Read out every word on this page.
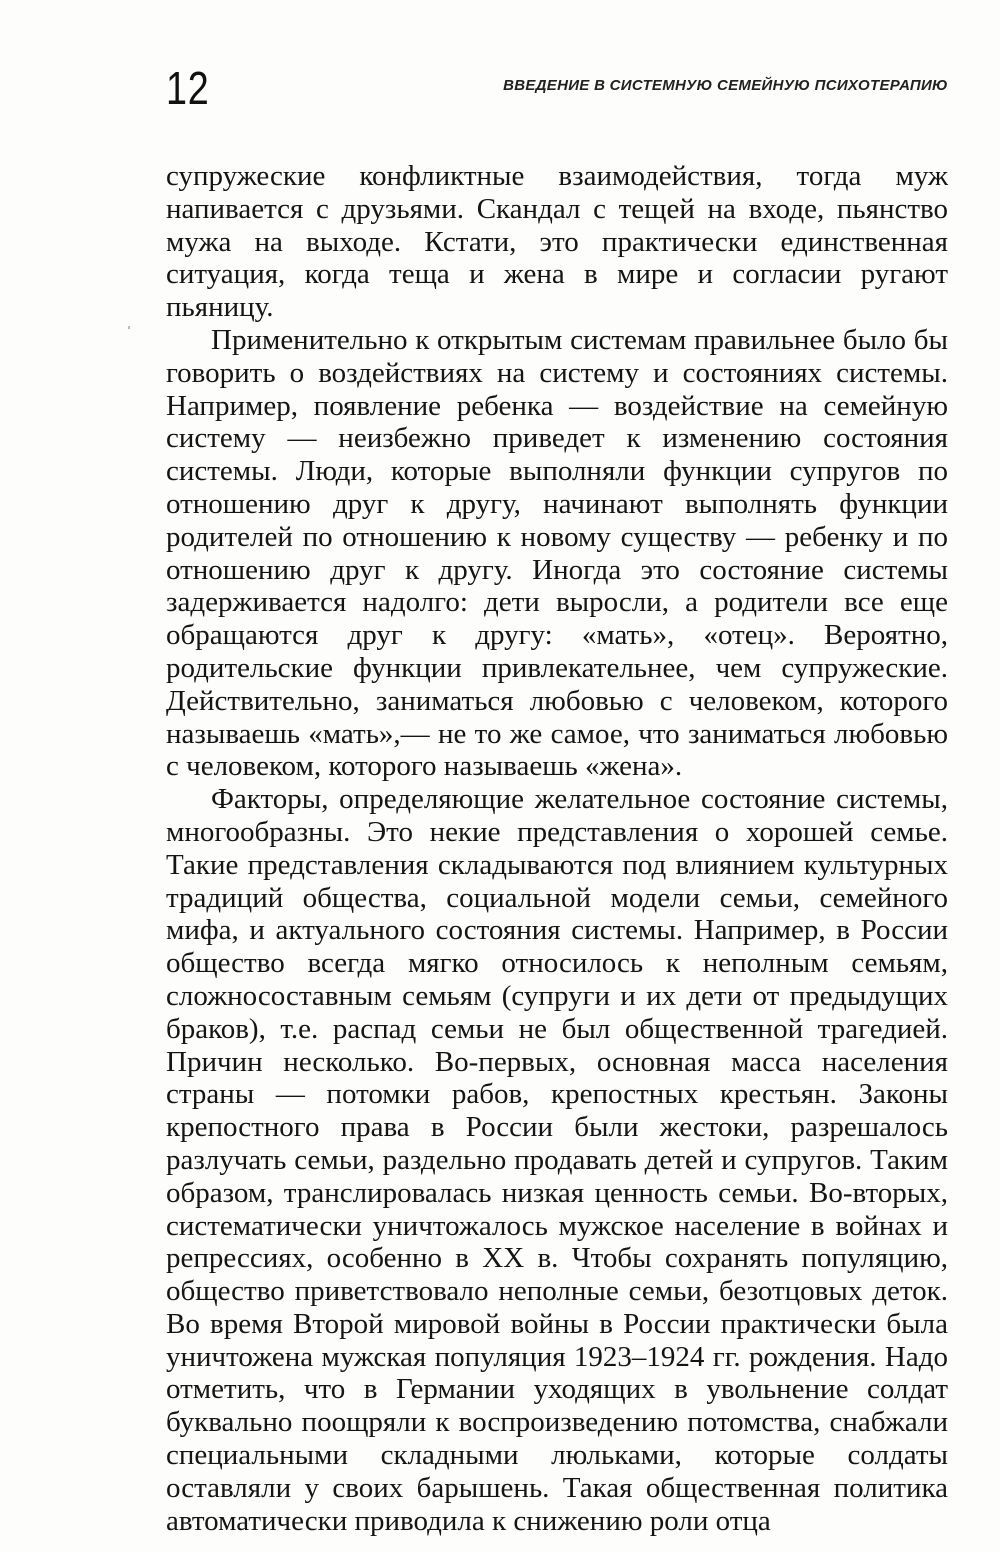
12	ВВЕДЕНИЕ В СИСТЕМНУЮ СЕМЕЙНУЮ ПСИХОТЕРАПИЮ

супружеские конфликтные взаимодействия, тогда муж напивается с друзьями. Скандал с тещей на входе, пьянство мужа на выходе. Кстати, это практически единственная ситуация, когда теща и жена в мире и согласии ругают пьяницу.

Применительно к открытым системам правильнее было бы говорить о воздействиях на систему и состояниях системы. Например, появление ребенка — воздействие на семейную систему — неизбежно приведет к изменению состояния системы. Люди, которые выполняли функции супругов по отношению друг к другу, начинают выполнять функции родителей по отношению к новому существу — ребенку и по отношению друг к другу. Иногда это состояние системы задерживается надолго: дети выросли, а родители все еще обращаются друг к другу: «мать», «отец». Вероятно, родительские функции привлекательнее, чем супружеские. Действительно, заниматься любовью с человеком, которого называешь «мать»,— не то же самое, что заниматься любовью с человеком, которого называешь «жена».

Факторы, определяющие желательное состояние системы, многообразны. Это некие представления о хорошей семье. Такие представления складываются под влиянием культурных традиций общества, социальной модели семьи, семейного мифа, и актуального состояния системы. Например, в России общество всегда мягко относилось к неполным семьям, сложносоставным семьям (супруги и их дети от предыдущих браков), т.е. распад семьи не был общественной трагедией. Причин несколько. Во-первых, основная масса населения страны — потомки рабов, крепостных крестьян. Законы крепостного права в России были жестоки, разрешалось разлучать семьи, раздельно продавать детей и супругов. Таким образом, транслировалась низкая ценность семьи. Во-вторых, систематически уничтожалось мужское население в войнах и репрессиях, особенно в XX в. Чтобы сохранять популяцию, общество приветствовало неполные семьи, безотцовых деток. Во время Второй мировой войны в России практически была уничтожена мужская популяция 1923–1924 гг. рождения. Надо отметить, что в Германии уходящих в увольнение солдат буквально поощряли к воспроизведению потомства, снабжали специальными складными люльками, которые солдаты оставляли у своих барышень. Такая общественная политика автоматически приводила к снижению роли отца
